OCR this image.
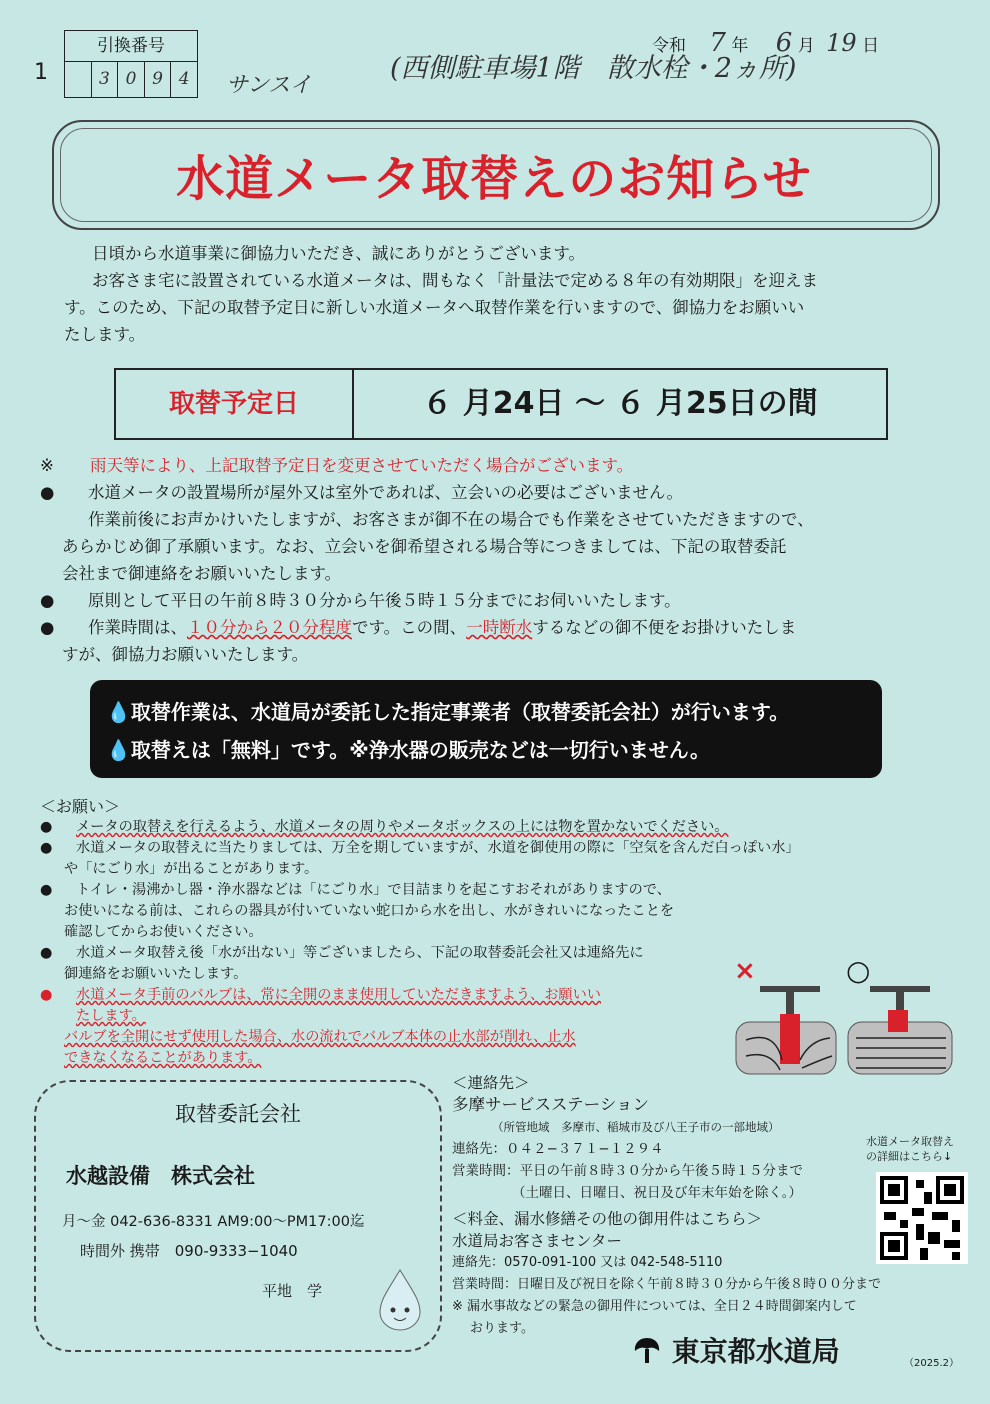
1
引換番号
3 0 9 4	サンスイ
(西側駐車場1階　散水栓・2ヵ所)
令和 7 年 6 月 19 日
水道メータ取替えのお知らせ
日頃から水道事業に御協力いただき、誠にありがとうございます。
お客さま宅に設置されている水道メータは、間もなく「計量法で定める８年の有効期限」を迎えま
す。このため、下記の取替予定日に新しい水道メータへ取替作業を行いますので、御協力をお願いい
たします。
取替予定日	６ 月24日 〜 ６ 月25日の間
※ 雨天等により、上記取替予定日を変更させていただく場合がございます。
● 水道メータの設置場所が屋外又は室外であれば、立会いの必要はございません。
作業前後にお声かけいたしますが、お客さまが御不在の場合でも作業をさせていただきますので、
あらかじめ御了承願います。なお、立会いを御希望される場合等につきましては、下記の取替委託
会社まで御連絡をお願いいたします。
● 原則として平日の午前８時３０分から午後５時１５分までにお伺いいたします。
● 作業時間は、１０分から２０分程度です。この間、一時断水するなどの御不便をお掛けいたしま
すが、御協力お願いいたします。
💧取替作業は、水道局が委託した指定事業者（取替委託会社）が行います。
💧取替えは「無料」です。※浄水器の販売などは一切行いません。
＜お願い＞
● メータの取替えを行えるよう、水道メータの周りやメータボックスの上には物を置かないでください。
● 水道メータの取替えに当たりましては、万全を期していますが、水道を御使用の際に「空気を含んだ白っぽい水」
や「にごり水」が出ることがあります。
● トイレ・湯沸かし器・浄水器などは「にごり水」で目詰まりを起こすおそれがありますので、
お使いになる前は、これらの器具が付いていない蛇口から水を出し、水がきれいになったことを
確認してからお使いください。
● 水道メータ取替え後「水が出ない」等ございましたら、下記の取替委託会社又は連絡先に
御連絡をお願いいたします。
● 水道メータ手前のバルブは、常に全開のまま使用していただきますよう、お願いい
たします。
バルブを全開にせず使用した場合、水の流れでバルブ本体の止水部が削れ、止水
できなくなることがあります。
×	○
取替委託会社
水越設備　株式会社
月〜金 042-636-8331 AM9:00〜PM17:00迄
時間外 携帯　090-9333−1040
平地　学
＜連絡先＞
多摩サービスステーション
（所管地域　多摩市、稲城市及び八王子市の一部地域）
連絡先：０４２−３７１−１２９４
営業時間：平日の午前８時３０分から午後５時１５分まで
（土曜日、日曜日、祝日及び年末年始を除く。）
＜料金、漏水修繕その他の御用件はこちら＞
水道局お客さまセンター
連絡先：0570-091-100 又は 042-548-5110
営業時間：日曜日及び祝日を除く午前８時３０分から午後８時００分まで
※ 漏水事故などの緊急の御用件については、全日２４時間御案内して
おります。
水道メータ取替え
の詳細はこちら↓
東京都水道局	（2025.2）
